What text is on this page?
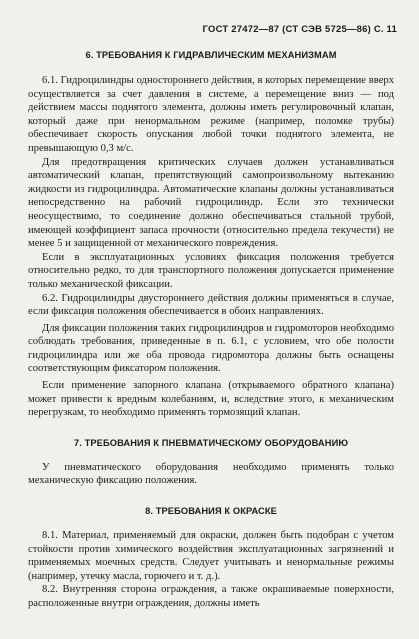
ГОСТ 27472—87 (СТ СЭВ 5725—86) С. 11
6. ТРЕБОВАНИЯ К ГИДРАВЛИЧЕСКИМ МЕХАНИЗМАМ

6.1. Гидроцилиндры одностороннего действия, в которых перемещение вверх осуществляется за счет давления в системе, а перемещение вниз — под действием массы поднятого элемента, должны иметь регулировочный клапан, который даже при ненормальном режиме (например, поломке трубы) обеспечивает скорость опускания любой точки поднятого элемента, не превышающую 0,3 м/с.

Для предотвращения критических случаев должен устанавливаться автоматический клапан, препятствующий самопроизвольному вытеканию жидкости из гидроцилиндра. Автоматические клапаны должны устанавливаться непосредственно на рабочий гидроцилиндр. Если это технически неосуществимо, то соединение должно обеспечиваться стальной трубой, имеющей коэффициент запаса прочности (относительно предела текучести) не менее 5 и защищенной от механического повреждения.

Если в эксплуатационных условиях фиксация положения требуется относительно редко, то для транспортного положения допускается применение только механической фиксации.

6.2. Гидроцилиндры двустороннего действия должны применяться в случае, если фиксация положения обеспечивается в обоих направлениях.

Для фиксации положения таких гидроцилиндров и гидромоторов необходимо соблюдать требования, приведенные в п. 6.1, с условием, что обе полости гидроцилиндра или же оба провода гидромотора должны быть оснащены соответствующим фиксатором положения.

Если применение запорного клапана (открываемого обратного клапана) может привести к вредным колебаниям, и, вследствие этого, к механическим перегрузкам, то необходимо применять тормозящий клапан.

7. ТРЕБОВАНИЯ К ПНЕВМАТИЧЕСКОМУ ОБОРУДОВАНИЮ

У пневматического оборудования необходимо применять только механическую фиксацию положения.

8. ТРЕБОВАНИЯ К ОКРАСКЕ

8.1. Материал, применяемый для окраски, должен быть подобран с учетом стойкости против химического воздействия эксплуатационных загрязнений и применяемых моечных средств. Следует учитывать и ненормальные режимы (например, утечку масла, горючего и т. д.).

8.2. Внутренняя сторона ограждения, а также окрашиваемые поверхности, расположенные внутри ограждения, должны иметь
